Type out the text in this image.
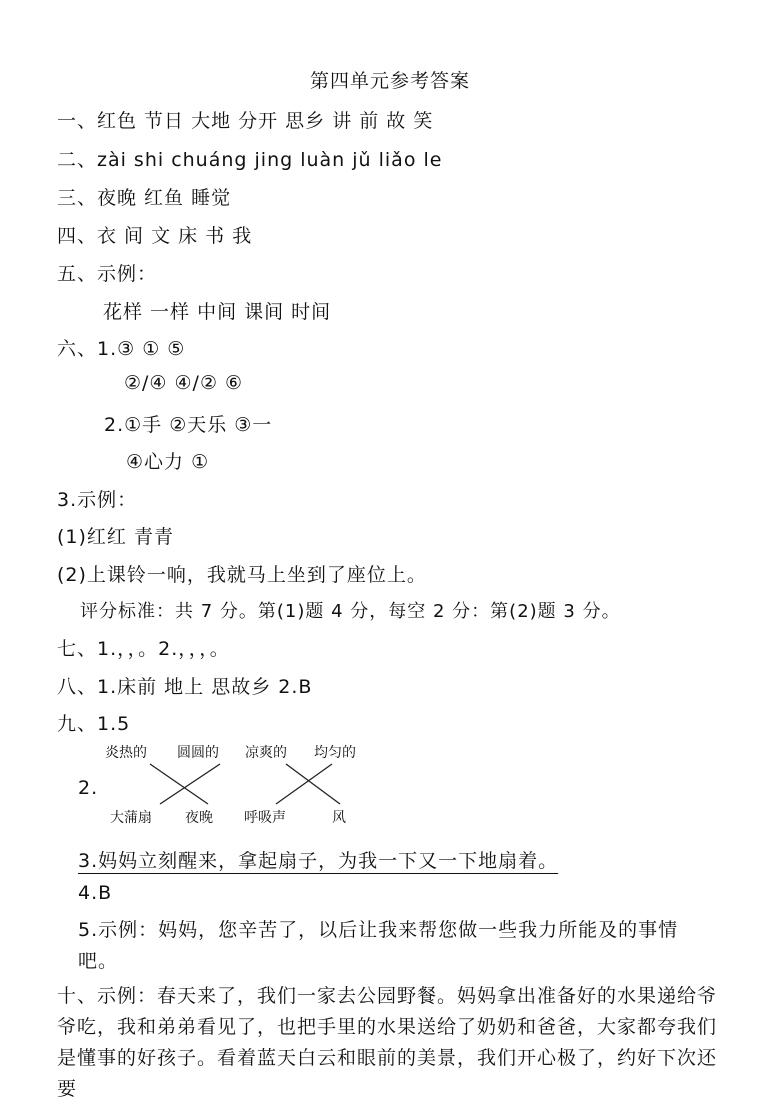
第四单元参考答案
一、红色 节日 大地 分开 思乡 讲 前 故 笑
二、zài shi chuáng jing luàn jǔ liǎo le
三、夜晚 红鱼 睡觉
四、衣 间 文 床 书 我
五、示例：
花样 一样 中间 课间 时间
六、1.③ ① ⑤
②/④ ④/② ⑥
2.①手 ②天乐 ③一
④心力 ①
3.示例：
(1)红红 青青
(2)上课铃一响，我就马上坐到了座位上。
评分标准：共 7 分。第(1)题 4 分，每空 2 分：第(2)题 3 分。
七、1.，，。2.，，，。
八、1.床前 地上 思故乡 2.B
九、1.5
2.
炎热的 圆圆的 凉爽的 均匀的
大蒲扇 夜晚 呼吸声	风
3.妈妈立刻醒来，拿起扇子，为我一下又一下地扇着。
4.B
5.示例：妈妈，您辛苦了，以后让我来帮您做一些我力所能及的事情吧。
十、示例：春天来了，我们一家去公园野餐。妈妈拿出准备好的水果递给爷爷吃，我和弟弟看见了，也把手里的水果送给了奶奶和爸爸，大家都夸我们是懂事的好孩子。看着蓝天白云和眼前的美景，我们开心极了，约好下次还要
